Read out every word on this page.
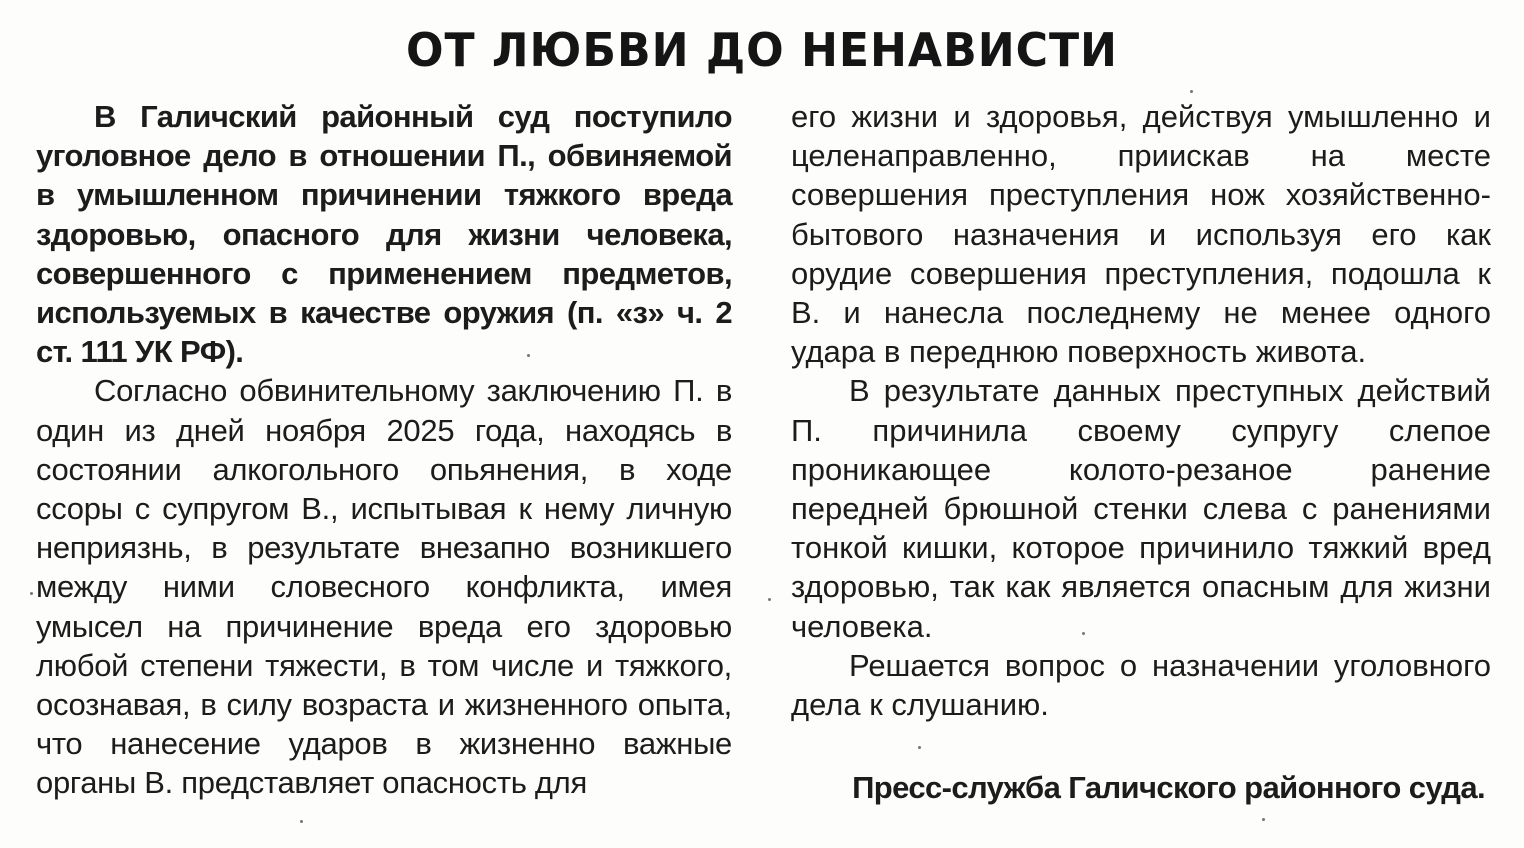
ОТ ЛЮБВИ ДО НЕНАВИСТИ

В Галичский районный суд поступило уголовное дело в отношении П., обвиняемой в умышленном причинении тяжкого вреда здоровью, опасного для жизни человека, совершенного с применением предметов, используемых в качестве оружия (п. «з» ч. 2 ст. 111 УК РФ).

Согласно обвинительному заключению П. в один из дней ноября 2025 года, находясь в состоянии алкогольного опьянения, в ходе ссоры с супругом В., испытывая к нему личную неприязнь, в результате внезапно возникшего между ними словесного конфликта, имея умысел на причинение вреда его здоровью любой степени тяжести, в том числе и тяжкого, осознавая, в силу возраста и жизненного опыта, что нанесение ударов в жизненно важные органы В. представляет опасность для

его жизни и здоровья, действуя умышленно и целенаправленно, приискав на месте совершения преступления нож хозяйственно-бытового назначения и используя его как орудие совершения преступления, подошла к В. и нанесла последнему не менее одного удара в переднюю поверхность живота.

В результате данных преступных действий П. причинила своему супругу слепое проникающее колото-резаное ранение передней брюшной стенки слева с ранениями тонкой кишки, которое причинило тяжкий вред здоровью, так как является опасным для жизни человека.

Решается вопрос о назначении уголовного дела к слушанию.

Пресс-служба Галичского районного суда.
